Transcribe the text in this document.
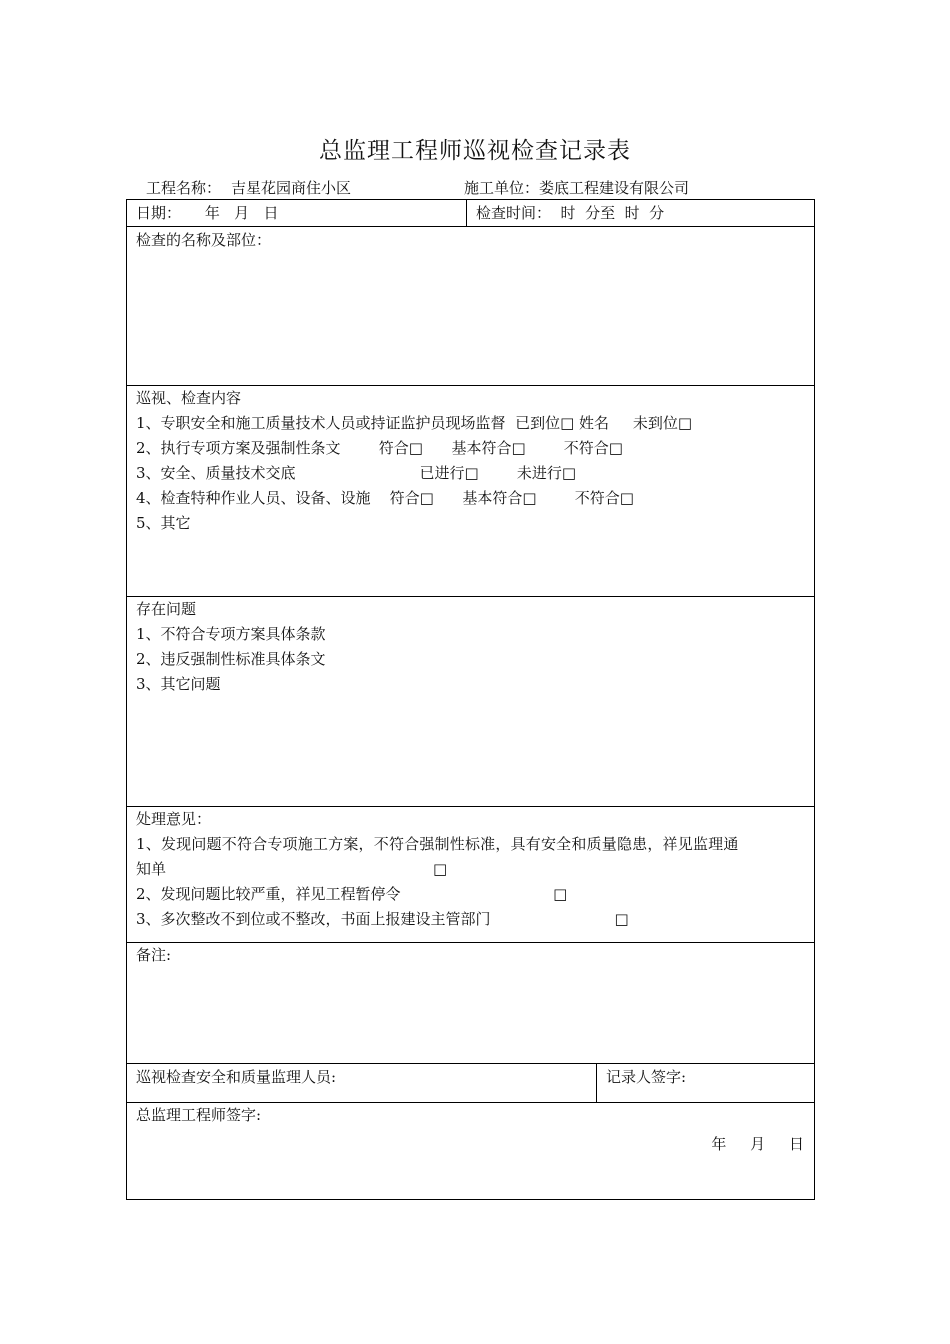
总监理工程师巡视检查记录表
工程名称： 吉星花园商住小区	施工单位：娄底工程建设有限公司
日期：     年   月   日	检查时间：  时  分至  时  分
检查的名称及部位：
巡视、检查内容
1、专职安全和施工质量技术人员或持证监护员现场监督  已到位□ 姓名     未到位□
2、执行专项方案及强制性条文        符合□      基本符合□        不符合□
3、安全、质量技术交底                          已进行□        未进行□
4、检查特种作业人员、设备、设施    符合□      基本符合□        不符合□
5、其它
存在问题
1、不符合专项方案具体条款
2、违反强制性标准具体条文
3、其它问题
处理意见：
1、发现问题不符合专项施工方案，不符合强制性标准，具有安全和质量隐患，祥见监理通
知单                                                        □
2、发现问题比较严重，祥见工程暂停令                                □
3、多次整改不到位或不整改，书面上报建设主管部门                          □
备注:
巡视检查安全和质量监理人员:	记录人签字:
总监理工程师签字:
年     月     日
